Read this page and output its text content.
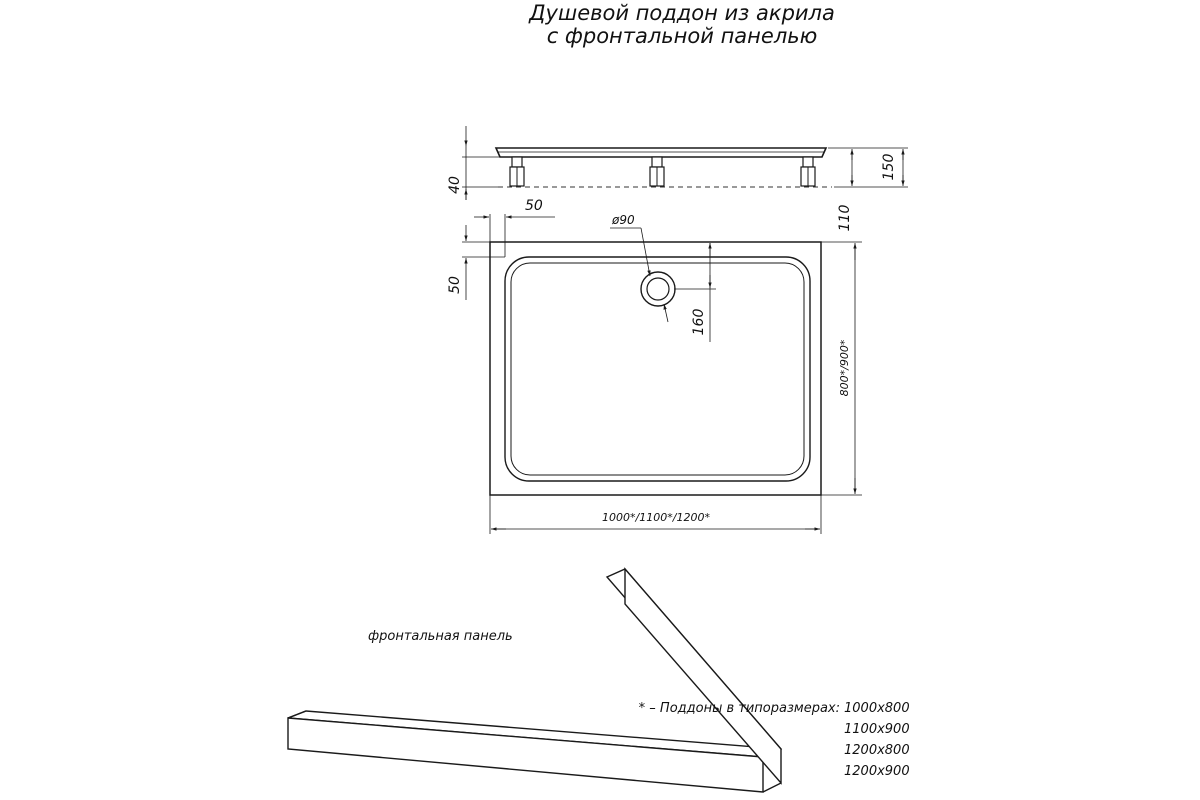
Душевой поддон из акрила
с фронтальной панелью
40
150
110
ø90
160
50
50
800*/900*
1000*/1100*/1200*
фронтальная панель
* – Поддоны в типоразмерах: 1000x800
1100x900
1200x800
1200x900
